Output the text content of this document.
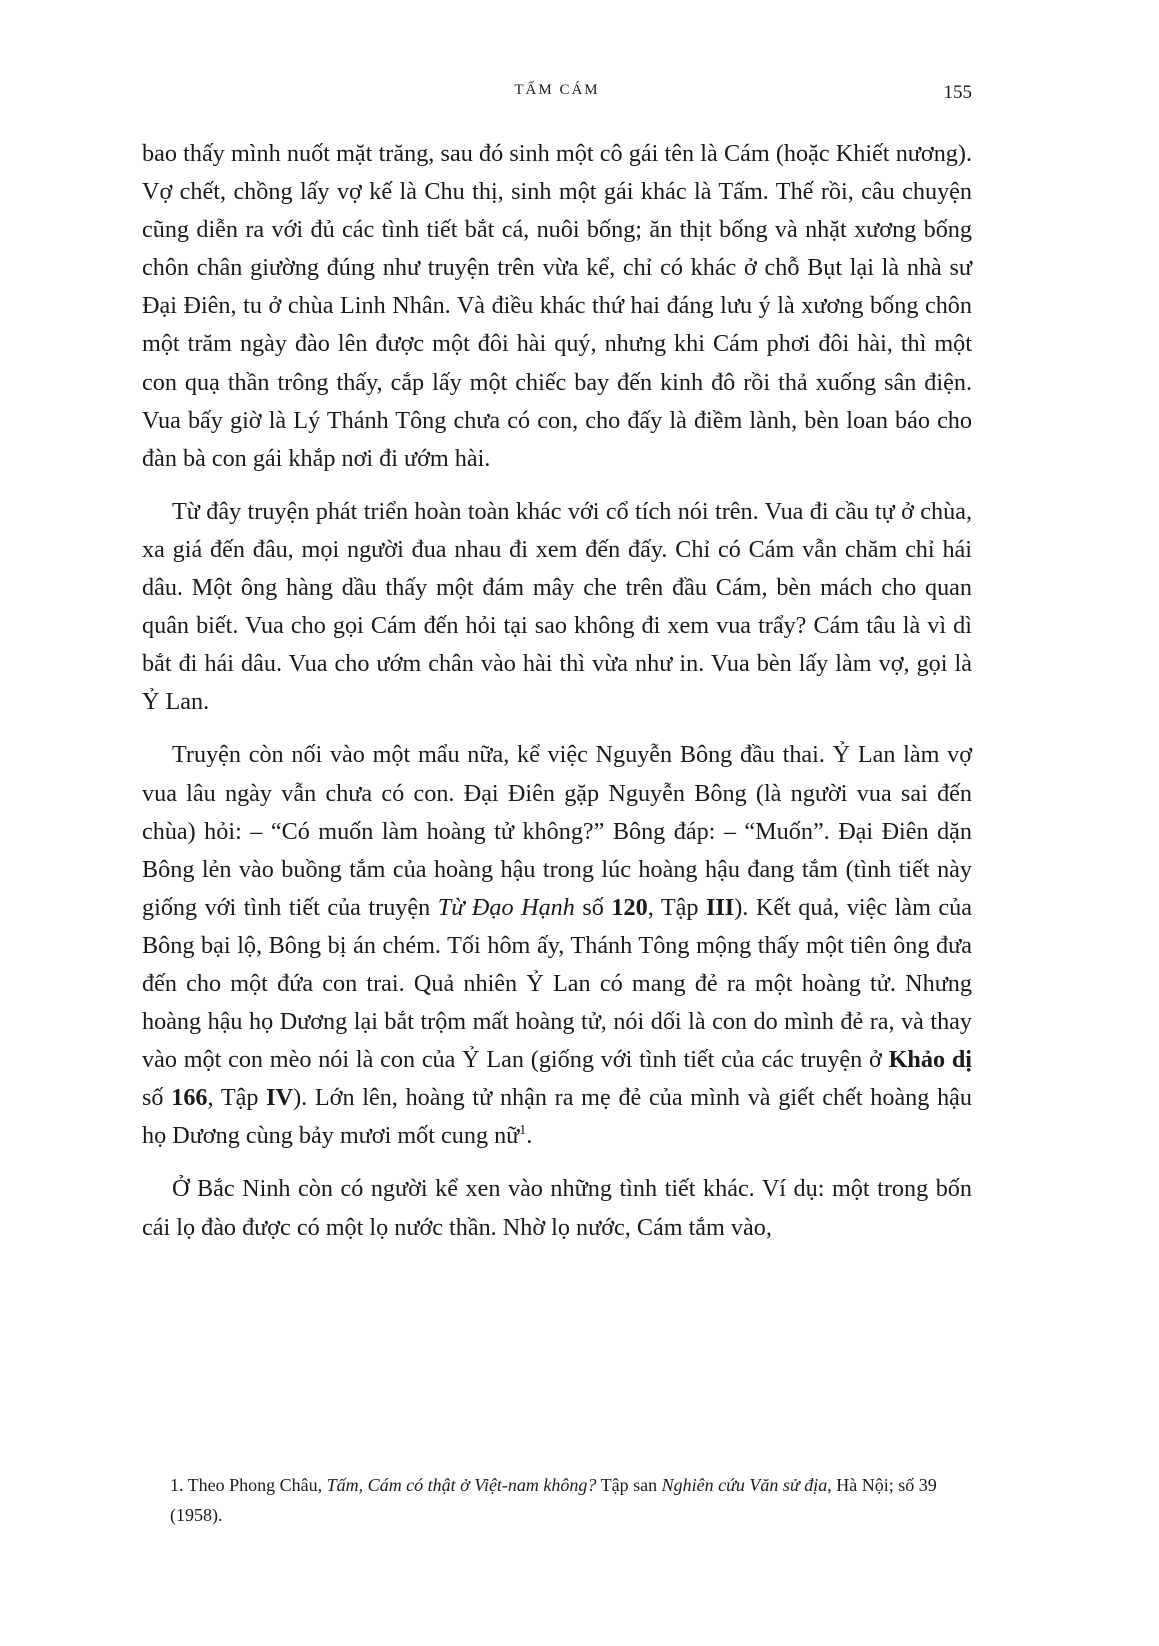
TẤM CÁM	155

bao thấy mình nuốt mặt trăng, sau đó sinh một cô gái tên là Cám (hoặc Khiết nương). Vợ chết, chồng lấy vợ kế là Chu thị, sinh một gái khác là Tấm. Thế rồi, câu chuyện cũng diễn ra với đủ các tình tiết bắt cá, nuôi bống; ăn thịt bống và nhặt xương bống chôn chân giường đúng như truyện trên vừa kể, chỉ có khác ở chỗ Bụt lại là nhà sư Đại Điên, tu ở chùa Linh Nhân. Và điều khác thứ hai đáng lưu ý là xương bống chôn một trăm ngày đào lên được một đôi hài quý, nhưng khi Cám phơi đôi hài, thì một con quạ thần trông thấy, cắp lấy một chiếc bay đến kinh đô rồi thả xuống sân điện. Vua bấy giờ là Lý Thánh Tông chưa có con, cho đấy là điềm lành, bèn loan báo cho đàn bà con gái khắp nơi đi ướm hài.

Từ đây truyện phát triển hoàn toàn khác với cổ tích nói trên. Vua đi cầu tự ở chùa, xa giá đến đâu, mọi người đua nhau đi xem đến đấy. Chỉ có Cám vẫn chăm chỉ hái dâu. Một ông hàng dầu thấy một đám mây che trên đầu Cám, bèn mách cho quan quân biết. Vua cho gọi Cám đến hỏi tại sao không đi xem vua trẩy? Cám tâu là vì dì bắt đi hái dâu. Vua cho ướm chân vào hài thì vừa như in. Vua bèn lấy làm vợ, gọi là Ỷ Lan.

Truyện còn nối vào một mẩu nữa, kể việc Nguyễn Bông đầu thai. Ỷ Lan làm vợ vua lâu ngày vẫn chưa có con. Đại Điên gặp Nguyễn Bông (là người vua sai đến chùa) hỏi: – “Có muốn làm hoàng tử không?” Bông đáp: – “Muốn”. Đại Điên dặn Bông lẻn vào buồng tắm của hoàng hậu trong lúc hoàng hậu đang tắm (tình tiết này giống với tình tiết của truyện Từ Đạo Hạnh số 120, Tập III). Kết quả, việc làm của Bông bại lộ, Bông bị án chém. Tối hôm ấy, Thánh Tông mộng thấy một tiên ông đưa đến cho một đứa con trai. Quả nhiên Ỷ Lan có mang đẻ ra một hoàng tử. Nhưng hoàng hậu họ Dương lại bắt trộm mất hoàng tử, nói dối là con do mình đẻ ra, và thay vào một con mèo nói là con của Ỷ Lan (giống với tình tiết của các truyện ở Khảo dị số 166, Tập IV). Lớn lên, hoàng tử nhận ra mẹ đẻ của mình và giết chết hoàng hậu họ Dương cùng bảy mươi mốt cung nữ$^1$.

Ở Bắc Ninh còn có người kể xen vào những tình tiết khác. Ví dụ: một trong bốn cái lọ đào được có một lọ nước thần. Nhờ lọ nước, Cám tắm vào,

1. Theo Phong Châu, Tấm, Cám có thật ở Việt-nam không? Tập san Nghiên cứu Văn sử địa, Hà Nội; số 39 (1958).
